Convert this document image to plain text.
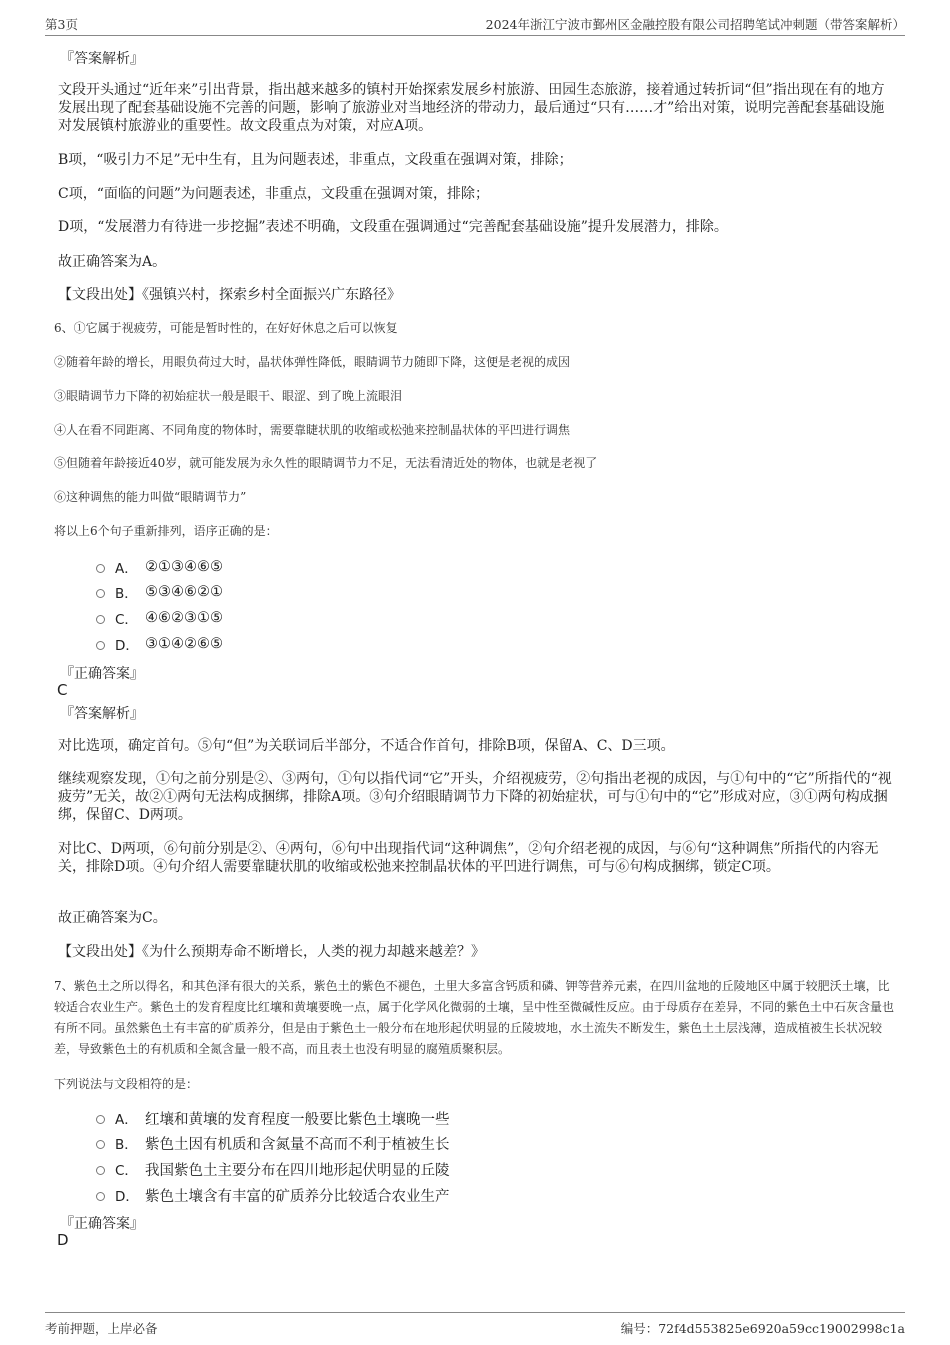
第3页	2024年浙江宁波市鄞州区金融控股有限公司招聘笔试冲刺题（带答案解析）
『答案解析』
文段开头通过“近年来”引出背景，指出越来越多的镇村开始探索发展乡村旅游、田园生态旅游，接着通过转折词“但”指出现在有的地方发展出现了配套基础设施不完善的问题，影响了旅游业对当地经济的带动力，最后通过“只有……才”给出对策，说明完善配套基础设施对发展镇村旅游业的重要性。故文段重点为对策，对应A项。
B项，“吸引力不足”无中生有，且为问题表述，非重点，文段重在强调对策，排除；
C项，“面临的问题”为问题表述，非重点，文段重在强调对策，排除；
D项，“发展潜力有待进一步挖掘”表述不明确，文段重在强调通过“完善配套基础设施”提升发展潜力，排除。
故正确答案为A。
【文段出处】《强镇兴村，探索乡村全面振兴广东路径》
6、①它属于视疲劳，可能是暂时性的，在好好休息之后可以恢复
②随着年龄的增长，用眼负荷过大时，晶状体弹性降低，眼睛调节力随即下降，这便是老视的成因
③眼睛调节力下降的初始症状一般是眼干、眼涩、到了晚上流眼泪
④人在看不同距离、不同角度的物体时，需要靠睫状肌的收缩或松弛来控制晶状体的平凹进行调焦
⑤但随着年龄接近40岁，就可能发展为永久性的眼睛调节力不足，无法看清近处的物体，也就是老视了
⑥这种调焦的能力叫做“眼睛调节力”
将以上6个句子重新排列，语序正确的是：
A． ②①③④⑥⑤
B． ⑤③④⑥②①
C． ④⑥②③①⑤
D． ③①④②⑥⑤
『正确答案』
C
『答案解析』
对比选项，确定首句。⑤句“但”为关联词后半部分，不适合作首句，排除B项，保留A、C、D三项。
继续观察发现，①句之前分别是②、③两句，①句以指代词“它”开头，介绍视疲劳，②句指出老视的成因，与①句中的“它”所指代的“视疲劳”无关，故②①两句无法构成捆绑，排除A项。③句介绍眼睛调节力下降的初始症状，可与①句中的“它”形成对应，③①两句构成捆绑，保留C、D两项。
对比C、D两项，⑥句前分别是②、④两句，⑥句中出现指代词“这种调焦”，②句介绍老视的成因，与⑥句“这种调焦”所指代的内容无关，排除D项。④句介绍人需要靠睫状肌的收缩或松弛来控制晶状体的平凹进行调焦，可与⑥句构成捆绑，锁定C项。
故正确答案为C。
【文段出处】《为什么预期寿命不断增长，人类的视力却越来越差？》
7、紫色土之所以得名，和其色泽有很大的关系，紫色土的紫色不褪色，土里大多富含钙质和磷、钾等营养元素，在四川盆地的丘陵地区中属于较肥沃土壤，比较适合农业生产。紫色土的发育程度比红壤和黄壤要晚一点，属于化学风化微弱的土壤，呈中性至微碱性反应。由于母质存在差异，不同的紫色土中石灰含量也有所不同。虽然紫色土有丰富的矿质养分，但是由于紫色土一般分布在地形起伏明显的丘陵坡地，水土流失不断发生，紫色土土层浅薄，造成植被生长状况较差，导致紫色土的有机质和全氮含量一般不高，而且表土也没有明显的腐殖质聚积层。
下列说法与文段相符的是：
A． 红壤和黄壤的发育程度一般要比紫色土壤晚一些
B． 紫色土因有机质和含氮量不高而不利于植被生长
C． 我国紫色土主要分布在四川地形起伏明显的丘陵
D． 紫色土壤含有丰富的矿质养分比较适合农业生产
『正确答案』
D
考前押题，上岸必备	编号：72f4d553825e6920a59cc19002998c1a
